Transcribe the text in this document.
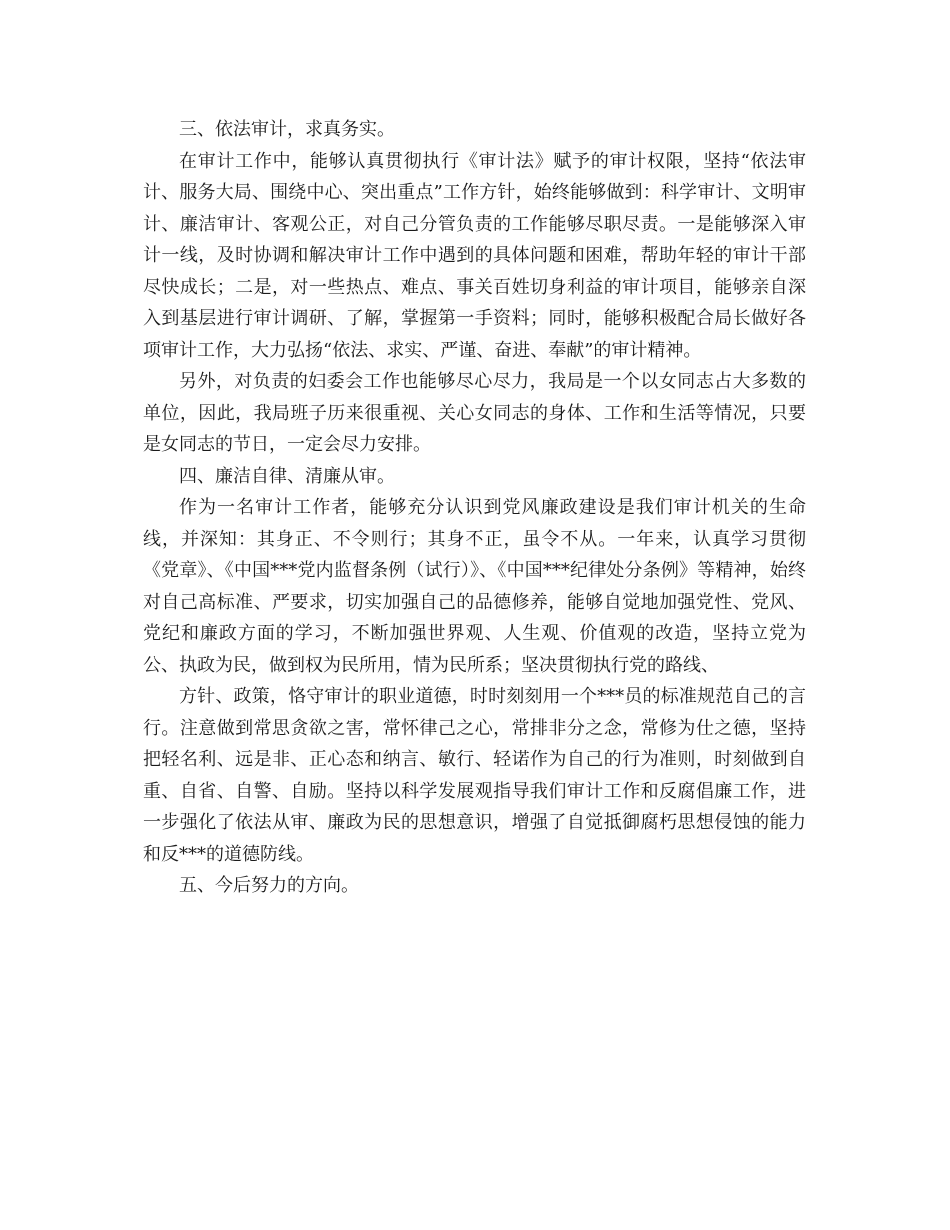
三、依法审计，求真务实。

在审计工作中，能够认真贯彻执行《审计法》赋予的审计权限，坚持“依法审计、服务大局、围绕中心、突出重点”工作方针，始终能够做到：科学审计、文明审计、廉洁审计、客观公正，对自己分管负责的工作能够尽职尽责。一是能够深入审计一线，及时协调和解决审计工作中遇到的具体问题和困难，帮助年轻的审计干部尽快成长；二是，对一些热点、难点、事关百姓切身利益的审计项目，能够亲自深入到基层进行审计调研、了解，掌握第一手资料；同时，能够积极配合局长做好各项审计工作，大力弘扬“依法、求实、严谨、奋进、奉献”的审计精神。

另外，对负责的妇委会工作也能够尽心尽力，我局是一个以女同志占大多数的单位，因此，我局班子历来很重视、关心女同志的身体、工作和生活等情况，只要是女同志的节日，一定会尽力安排。

四、廉洁自律、清廉从审。

作为一名审计工作者，能够充分认识到党风廉政建设是我们审计机关的生命线，并深知：其身正、不令则行；其身不正，虽令不从。一年来，认真学习贯彻《党章》、《中国***党内监督条例（试行）》、《中国***纪律处分条例》等精神，始终对自己高标准、严要求，切实加强自己的品德修养，能够自觉地加强党性、党风、党纪和廉政方面的学习，不断加强世界观、人生观、价值观的改造，坚持立党为公、执政为民，做到权为民所用，情为民所系；坚决贯彻执行党的路线、

方针、政策，恪守审计的职业道德，时时刻刻用一个***员的标准规范自己的言行。注意做到常思贪欲之害，常怀律己之心，常排非分之念，常修为仕之德，坚持把轻名利、远是非、正心态和纳言、敏行、轻诺作为自己的行为准则，时刻做到自重、自省、自警、自励。坚持以科学发展观指导我们审计工作和反腐倡廉工作，进一步强化了依法从审、廉政为民的思想意识，增强了自觉抵御腐朽思想侵蚀的能力和反***的道德防线。

五、今后努力的方向。
